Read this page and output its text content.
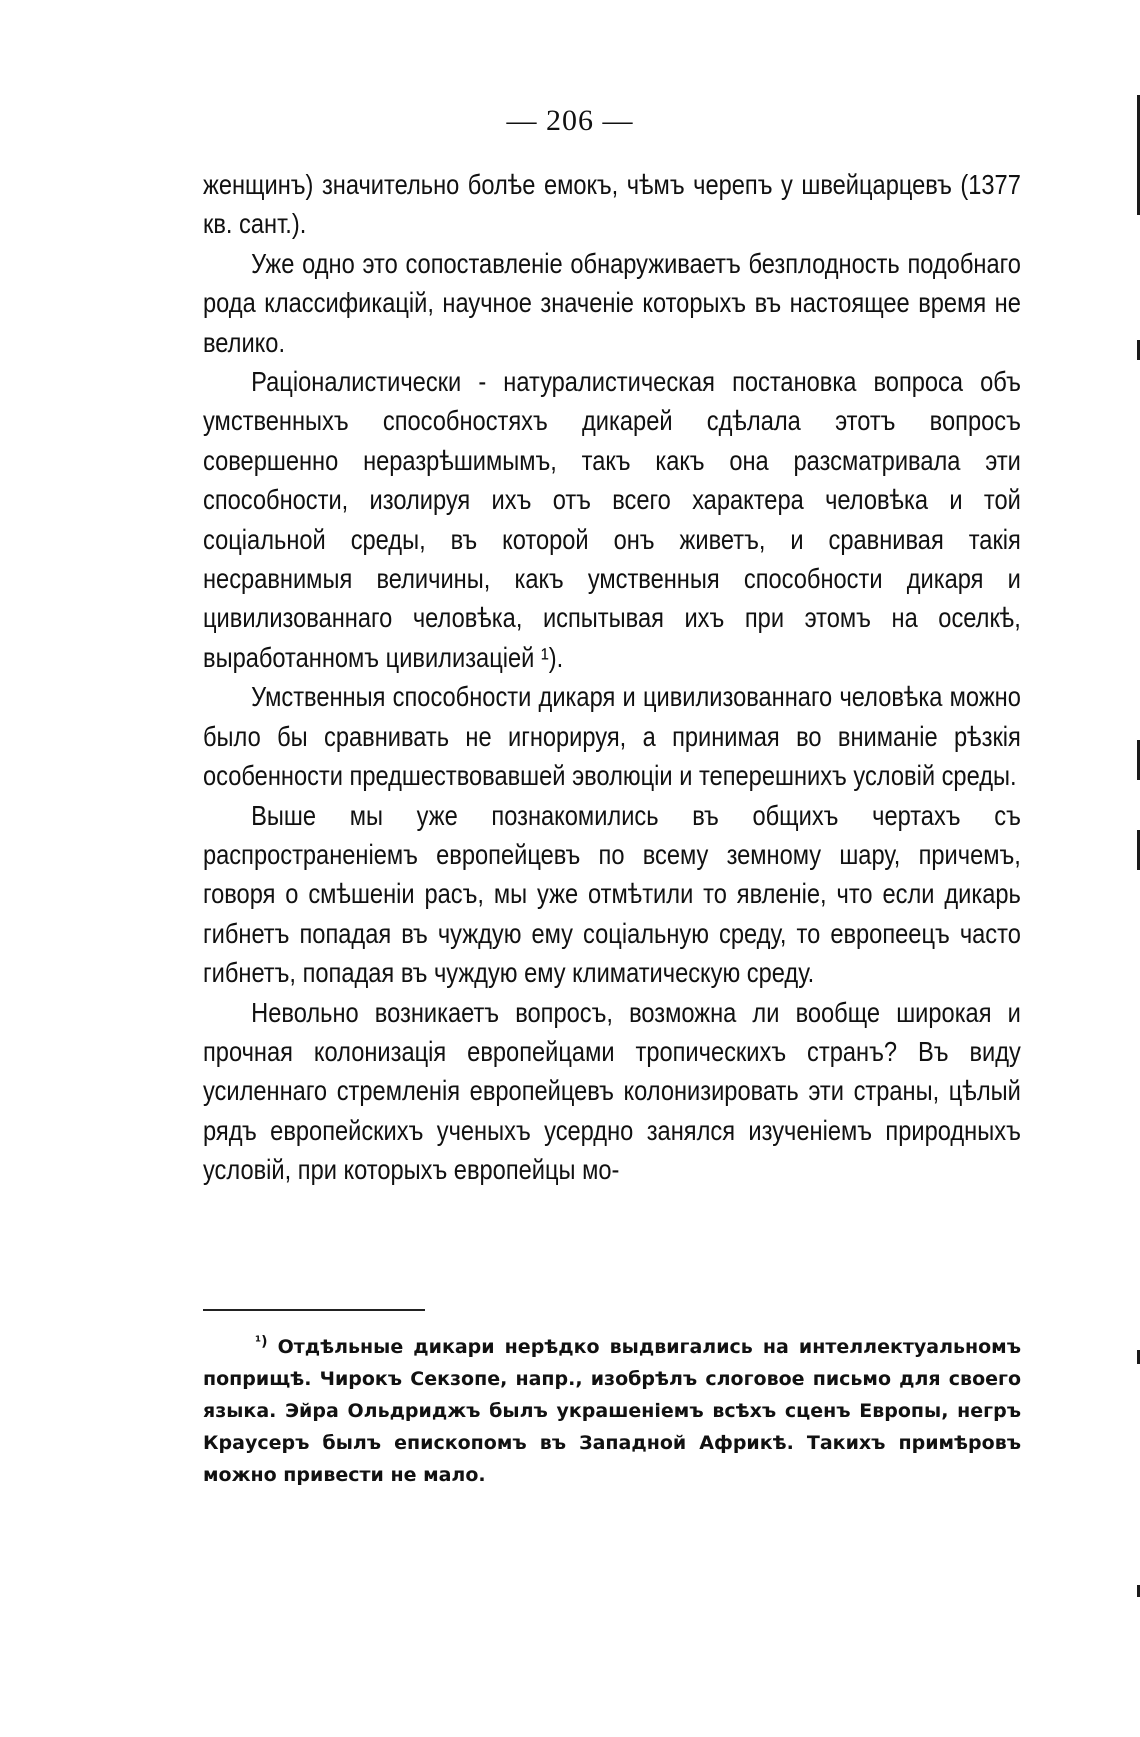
— 206 —

женщинъ) значительно болѣе емокъ, чѣмъ черепъ у швейцарцевъ (1377 кв. сант.).

Уже одно это сопоставленіе обнаруживаетъ безплодность подобнаго рода классификацій, научное значеніе которыхъ въ настоящее время не велико.

Раціоналистически - натуралистическая постановка вопроса объ умственныхъ способностяхъ дикарей сдѣлала этотъ вопросъ совершенно неразрѣшимымъ, такъ какъ она разсматривала эти способности, изолируя ихъ отъ всего характера человѣка и той соціальной среды, въ которой онъ живетъ, и сравнивая такія несравнимыя величины, какъ умственныя способности дикаря и цивилизованнаго человѣка, испытывая ихъ при этомъ на оселкѣ, выработанномъ цивилизаціей ¹).

Умственныя способности дикаря и цивилизованнаго человѣка можно было бы сравнивать не игнорируя, а принимая во вниманіе рѣзкія особенности предшествовавшей эволюціи и теперешнихъ условій среды.

Выше мы уже познакомились въ общихъ чертахъ съ распространеніемъ европейцевъ по всему земному шару, причемъ, говоря о смѣшеніи расъ, мы уже отмѣтили то явленіе, что если дикарь гибнетъ попадая въ чуждую ему соціальную среду, то европеецъ часто гибнетъ, попадая въ чуждую ему климатическую среду.

Невольно возникаетъ вопросъ, возможна ли вообще широкая и прочная колонизація европейцами тропическихъ странъ? Въ виду усиленнаго стремленія европейцевъ колонизировать эти страны, цѣлый рядъ европейскихъ ученыхъ усердно занялся изученіемъ природныхъ условій, при которыхъ европейцы мо-

$^{^1)}$ Отдѣльные дикари нерѣдко выдвигались на интеллектуальномъ поприщѣ. Чирокъ Секзопе, напр., изобрѣлъ слоговое письмо для своего языка. Эйра Ольдриджъ былъ украшеніемъ всѣхъ сценъ Европы, негръ Краусеръ былъ епископомъ въ Западной Африкѣ. Такихъ примѣровъ можно привести не мало.
